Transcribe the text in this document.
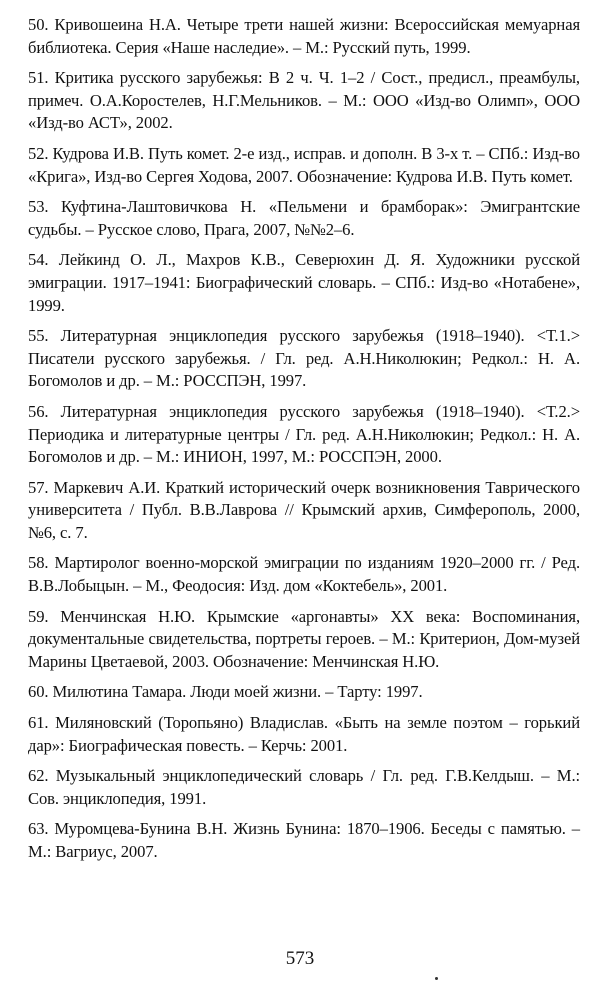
50. Кривошеина Н.А. Четыре трети нашей жизни: Всероссийская мемуарная библиотека. Серия «Наше наследие». – М.: Русский путь, 1999.

51. Критика русского зарубежья: В 2 ч. Ч. 1–2 / Сост., предисл., преамбулы, примеч. О.А.Коростелев, Н.Г.Мельников. – М.: ООО «Изд-во Олимп», ООО «Изд-во АСТ», 2002.

52. Кудрова И.В. Путь комет. 2-е изд., исправ. и дополн. В 3-х т. – СПб.: Изд-во «Крига», Изд-во Сергея Ходова, 2007. Обозначение: Кудрова И.В. Путь комет.

53. Куфтина-Лаштовичкова Н. «Пельмени и брамборак»: Эмигрантские судьбы. – Русское слово, Прага, 2007, №№2–6.

54. Лейкинд О. Л., Махров К.В., Северюхин Д. Я. Художники русской эмиграции. 1917–1941: Биографический словарь. – СПб.: Изд-во «Нотабене», 1999.

55. Литературная энциклопедия русского зарубежья (1918–1940). <Т.1.> Писатели русского зарубежья. / Гл. ред. А.Н.Николюкин; Редкол.: Н. А. Богомолов и др. – М.: РОССПЭН, 1997.

56. Литературная энциклопедия русского зарубежья (1918–1940). <Т.2.> Периодика и литературные центры / Гл. ред. А.Н.Николюкин; Редкол.: Н. А. Богомолов и др. – М.: ИНИОН, 1997, М.: РОССПЭН, 2000.

57. Маркевич А.И. Краткий исторический очерк возникновения Таврического университета / Публ. В.В.Лаврова // Крымский архив, Симферополь, 2000, №6, с. 7.

58. Мартиролог военно-морской эмиграции по изданиям 1920–2000 гг. / Ред. В.В.Лобыцын. – М., Феодосия: Изд. дом «Коктебель», 2001.

59. Менчинская Н.Ю. Крымские «аргонавты» XX века: Воспоминания, документальные свидетельства, портреты героев. – М.: Критерион, Дом-музей Марины Цветаевой, 2003. Обозначение: Менчинская Н.Ю.

60. Милютина Тамара. Люди моей жизни. – Тарту: 1997.

61. Миляновский (Торопьяно) Владислав. «Быть на земле поэтом – горький дар»: Биографическая повесть. – Керчь: 2001.

62. Музыкальный энциклопедический словарь / Гл. ред. Г.В.Келдыш. – М.: Сов. энциклопедия, 1991.

63. Муромцева-Бунина В.Н. Жизнь Бунина: 1870–1906. Беседы с памятью. – М.: Вагриус, 2007.

573
